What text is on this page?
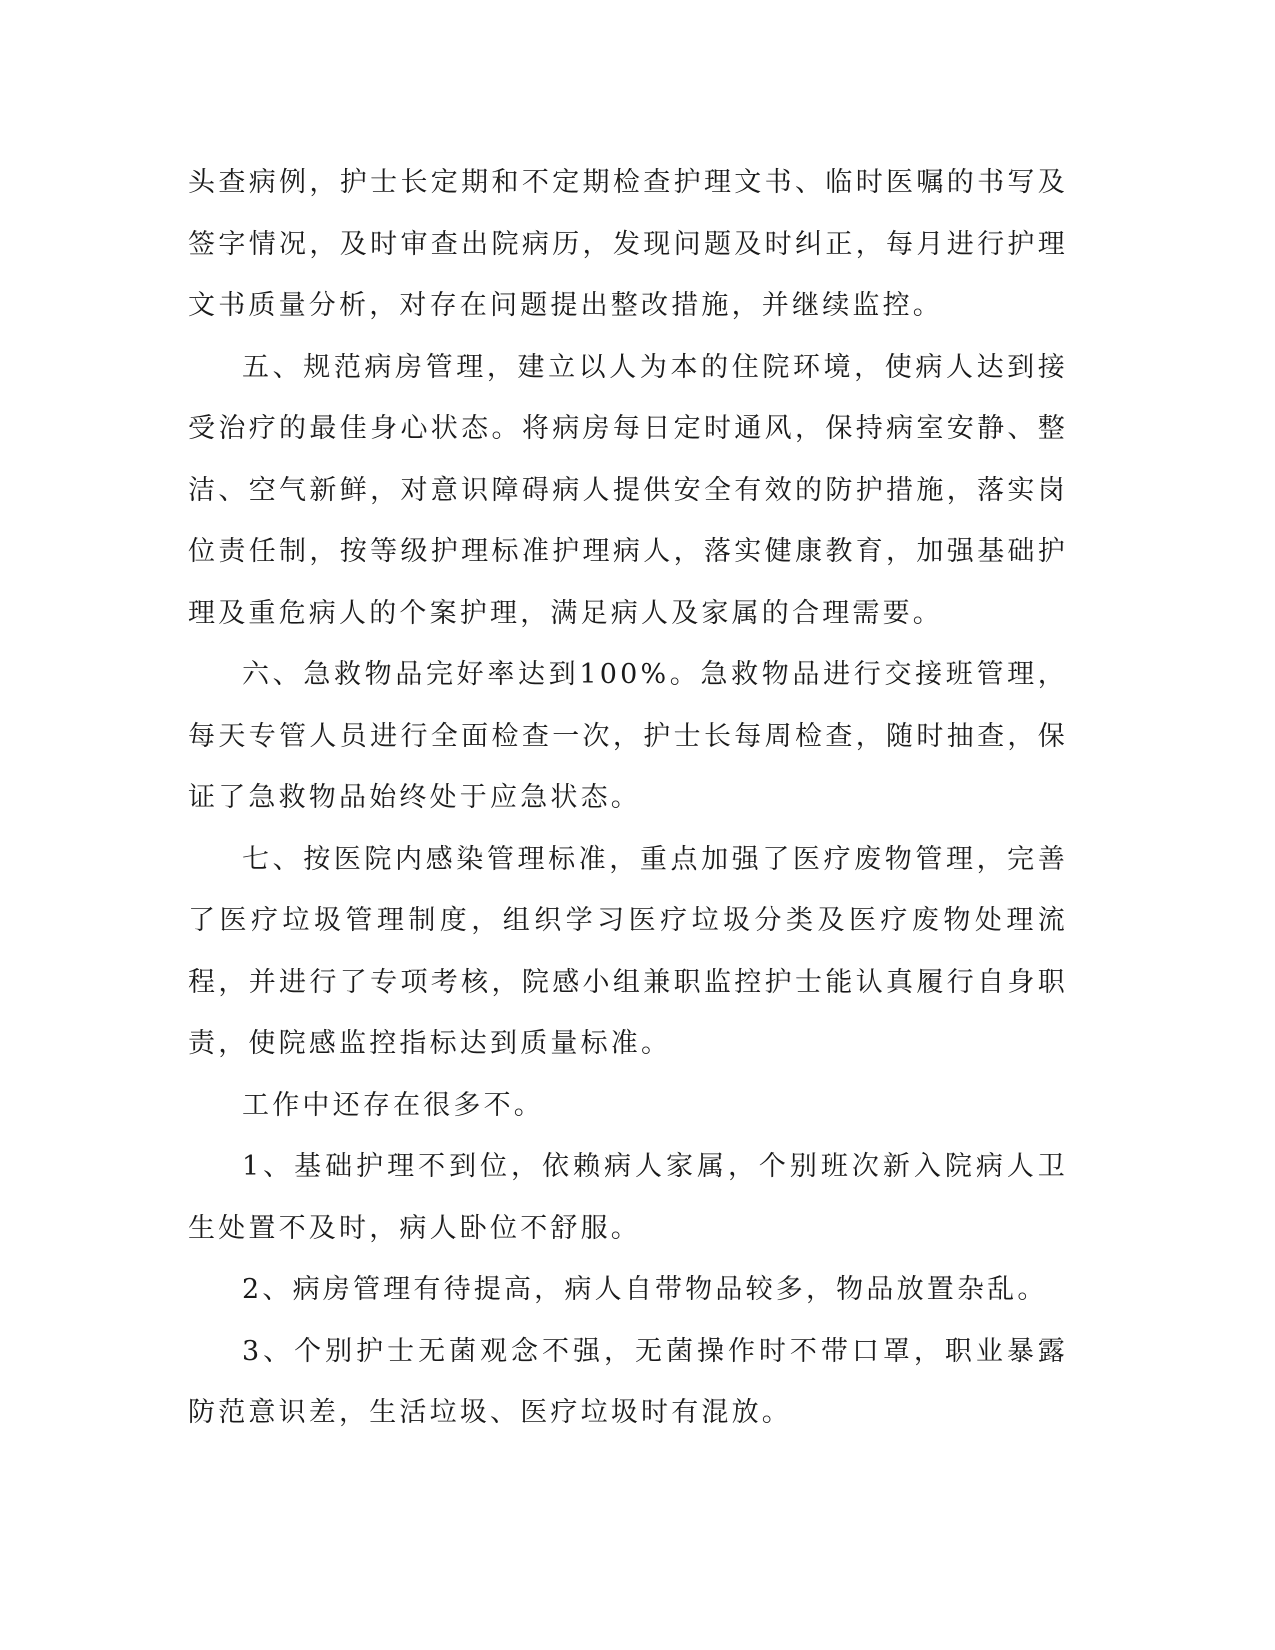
头查病例，护士长定期和不定期检查护理文书、临时医嘱的书写及签字情况，及时审查出院病历，发现问题及时纠正，每月进行护理文书质量分析，对存在问题提出整改措施，并继续监控。

五、规范病房管理，建立以人为本的住院环境，使病人达到接受治疗的最佳身心状态。将病房每日定时通风，保持病室安静、整洁、空气新鲜，对意识障碍病人提供安全有效的防护措施，落实岗位责任制，按等级护理标准护理病人，落实健康教育，加强基础护理及重危病人的个案护理，满足病人及家属的合理需要。

六、急救物品完好率达到100%。急救物品进行交接班管理，每天专管人员进行全面检查一次，护士长每周检查，随时抽查，保证了急救物品始终处于应急状态。

七、按医院内感染管理标准，重点加强了医疗废物管理，完善了医疗垃圾管理制度，组织学习医疗垃圾分类及医疗废物处理流程，并进行了专项考核，院感小组兼职监控护士能认真履行自身职责，使院感监控指标达到质量标准。

工作中还存在很多不。

1、基础护理不到位，依赖病人家属，个别班次新入院病人卫生处置不及时，病人卧位不舒服。

2、病房管理有待提高，病人自带物品较多，物品放置杂乱。

3、个别护士无菌观念不强，无菌操作时不带口罩，职业暴露防范意识差，生活垃圾、医疗垃圾时有混放。
